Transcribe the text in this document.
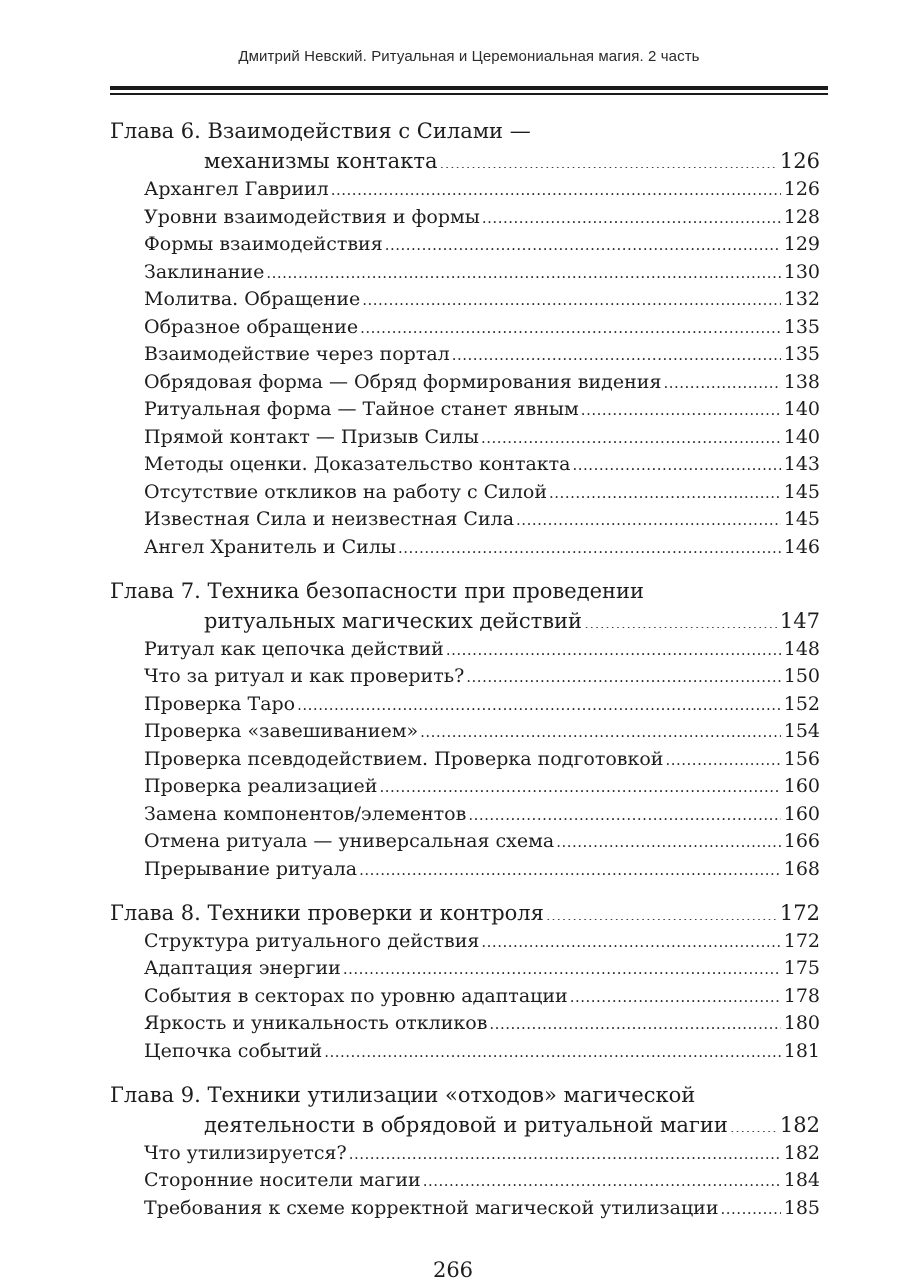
Дмитрий Невский. Ритуальная и Церемониальная магия. 2 часть
Глава 6. Взаимодействия с Силами —
механизмы контакта .....	126
Архангел Гавриил .....	126
Уровни взаимодействия и формы .....	128
Формы взаимодействия .....	129
Заклинание .....	130
Молитва. Обращение .....	132
Образное обращение .....	135
Взаимодействие через портал .....	135
Обрядовая форма — Обряд формирования видения .....	138
Ритуальная форма — Тайное станет явным .....	140
Прямой контакт — Призыв Силы .....	140
Методы оценки. Доказательство контакта .....	143
Отсутствие откликов на работу с Силой .....	145
Известная Сила и неизвестная Сила .....	145
Ангел Хранитель и Силы .....	146
Глава 7. Техника безопасности при проведении
ритуальных магических действий .....	147
Ритуал как цепочка действий .....	148
Что за ритуал и как проверить? .....	150
Проверка Таро .....	152
Проверка «завешиванием» .....	154
Проверка псевдодействием. Проверка подготовкой .....	156
Проверка реализацией .....	160
Замена компонентов/элементов .....	160
Отмена ритуала — универсальная схема .....	166
Прерывание ритуала .....	168
Глава 8. Техники проверки и контроля .....	172
Структура ритуального действия .....	172
Адаптация энергии .....	175
События в секторах по уровню адаптации .....	178
Яркость и уникальность откликов .....	180
Цепочка событий .....	181
Глава 9. Техники утилизации «отходов» магической
деятельности в обрядовой и ритуальной магии ..... 182
Что утилизируется? .....	182
Сторонние носители магии .....	184
Требования к схеме корректной магической утилизации .....	185
266
